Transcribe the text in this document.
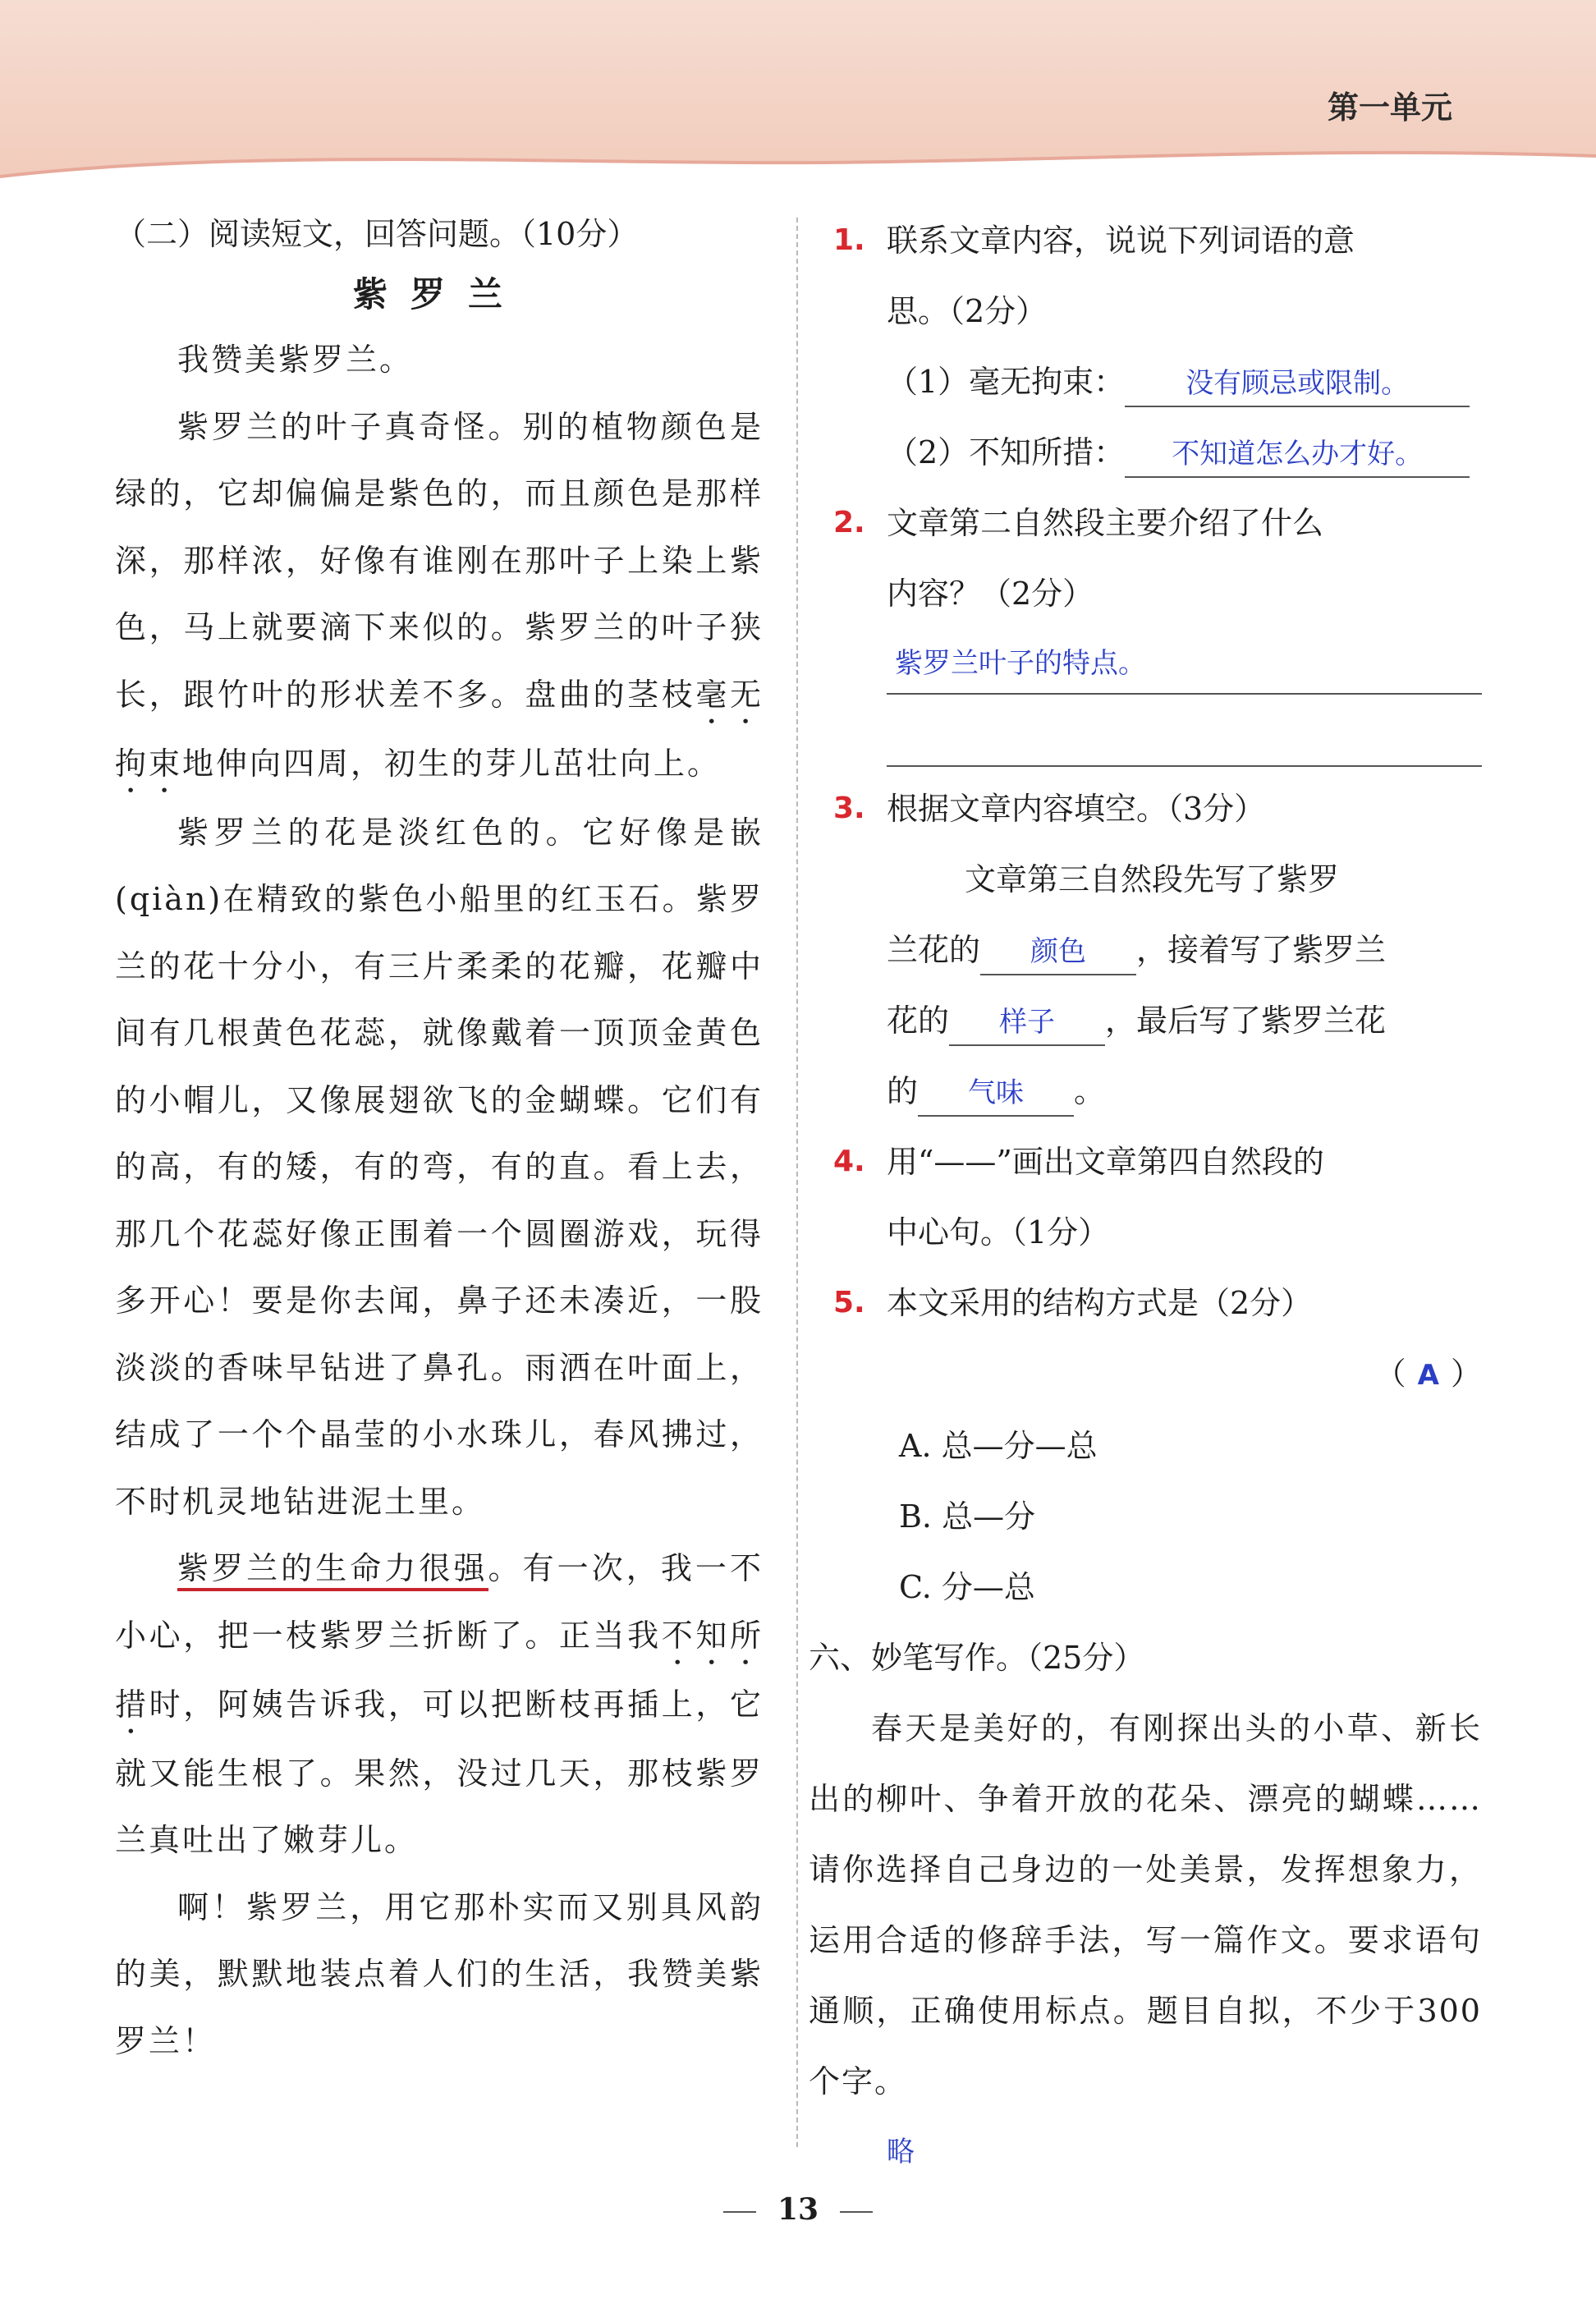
第一单元
（二）阅读短文，回答问题。（10分）
紫罗兰

我赞美紫罗兰。

紫罗兰的叶子真奇怪。别的植物颜色是绿的，它却偏偏是紫色的，而且颜色是那样深，那样浓，好像有谁刚在那叶子上染上紫色，马上就要滴下来似的。紫罗兰的叶子狭长，跟竹叶的形状差不多。盘曲的茎枝毫无拘束地伸向四周，初生的芽儿茁壮向上。

紫罗兰的花是淡红色的。它好像是嵌(qiàn)在精致的紫色小船里的红玉石。紫罗兰的花十分小，有三片柔柔的花瓣，花瓣中间有几根黄色花蕊，就像戴着一顶顶金黄色的小帽儿，又像展翅欲飞的金蝴蝶。它们有的高，有的矮，有的弯，有的直。看上去，那几个花蕊好像正围着一个圆圈游戏，玩得多开心！要是你去闻，鼻子还未凑近，一股淡淡的香味早钻进了鼻孔。雨洒在叶面上，结成了一个个晶莹的小水珠儿，春风拂过，不时机灵地钻进泥土里。

紫罗兰的生命力很强。有一次，我一不小心，把一枝紫罗兰折断了。正当我不知所措时，阿姨告诉我，可以把断枝再插上，它就又能生根了。果然，没过几天，那枝紫罗兰真吐出了嫩芽儿。

啊！紫罗兰，用它那朴实而又别具风韵的美，默默地装点着人们的生活，我赞美紫罗兰！

1. 联系文章内容，说说下列词语的意
思。（2分）
（1）毫无拘束： 没有顾忌或限制。
（2）不知所措： 不知道怎么办才好。
2. 文章第二自然段主要介绍了什么
内容？（2分）
紫罗兰叶子的特点。
3. 根据文章内容填空。（3分）
文章第三自然段先写了紫罗
兰花的 颜色 ，接着写了紫罗兰
花的 样子 ，最后写了紫罗兰花
的 气味 。
4. 用“——”画出文章第四自然段的
中心句。（1分）
5. 本文采用的结构方式是（2分）
（ A ）
A. 总—分—总
B. 总—分
C. 分—总
六、妙笔写作。（25分）

春天是美好的，有刚探出头的小草、新长出的柳叶、争着开放的花朵、漂亮的蝴蝶……请你选择自己身边的一处美景，发挥想象力，运用合适的修辞手法，写一篇作文。要求语句通顺，正确使用标点。题目自拟，不少于300个字。

略
13
